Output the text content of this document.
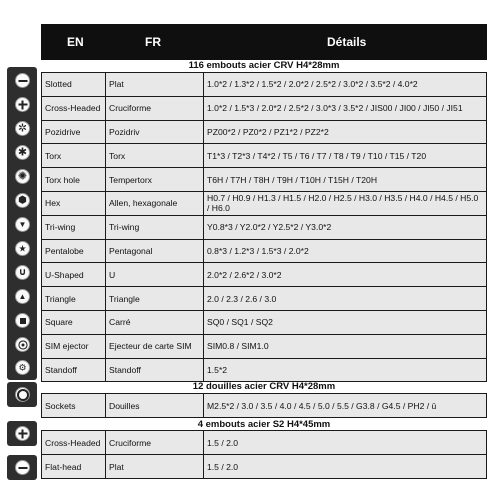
EN	FR	Détails
✲
✱
✺
⬢
▼
★
∪
▲
⚙
116 embouts acier CRV H4*28mm
Slotted	Plat	1.0*2 / 1.3*2 / 1.5*2 / 2.0*2 / 2.5*2 / 3.0*2 / 3.5*2 / 4.0*2
Cross-Headed	Cruciforme	1.0*2 / 1.5*3 / 2.0*2 / 2.5*2 / 3.0*3 / 3.5*2 / JIS00 / JI00 / JI50 / JI51
Pozidrive	Pozidriv	PZ00*2 / PZ0*2 / PZ1*2 / PZ2*2
Torx	Torx	T1*3 / T2*3 / T4*2 / T5 / T6 / T7 / T8 / T9 / T10 / T15 / T20
Torx hole	Tempertorx	T6H / T7H / T8H / T9H / T10H / T15H / T20H
Hex	Allen, hexagonale	H0.7 / H0.9 / H1.3 / H1.5 / H2.0 / H2.5 / H3.0 / H3.5 / H4.0 / H4.5 / H5.0 / H6.0
Tri-wing	Tri-wing	Y0.8*3 / Y2.0*2 / Y2.5*2 / Y3.0*2
Pentalobe	Pentagonal	0.8*3 / 1.2*3 / 1.5*3 / 2.0*2
U-Shaped	U	2.0*2 / 2.6*2 / 3.0*2
Triangle	Triangle	2.0 / 2.3 / 2.6 / 3.0
Square	Carré	SQ0 / SQ1 / SQ2
SIM ejector	Ejecteur de carte SIM	SIM0.8 / SIM1.0
Standoff	Standoff	1.5*2
12 douilles acier CRV H4*28mm
Sockets	Douilles	M2.5*2 / 3.0 / 3.5 / 4.0 / 4.5 / 5.0 / 5.5 / G3.8 / G4.5 / PH2 / ū
4 embouts acier S2 H4*45mm
Cross-Headed	Cruciforme	1.5 / 2.0
Flat-head	Plat	1.5 / 2.0
